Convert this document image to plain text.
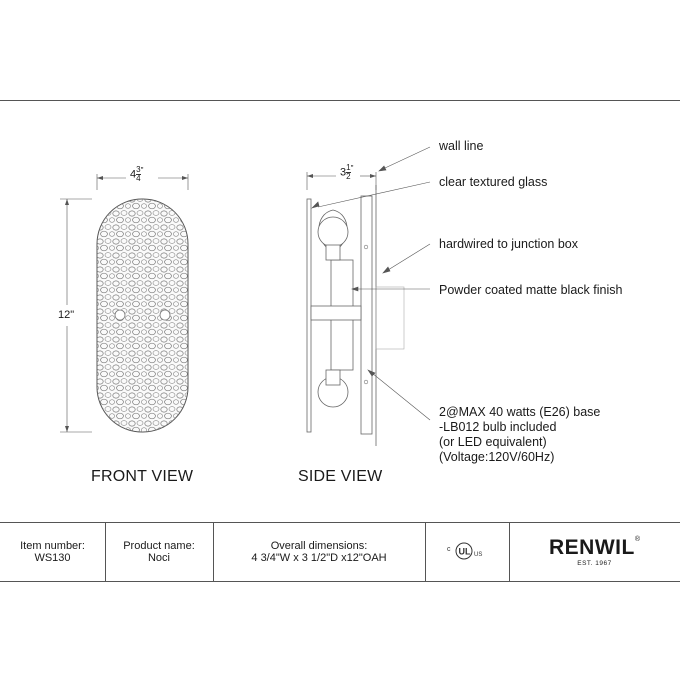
$4 \frac{3}{4} ^"$
12"
$3 \frac{1}{2} ^"$
FRONT VIEW	SIDE VIEW
wall line
clear textured glass
hardwired to junction box
Powder coated matte black finish
2@MAX 40 watts (E26) base
-LB012 bulb included
(or LED equivalent)
(Voltage:120V/60Hz)
Item number:
WS130
Product name:
Noci
Overall dimensions:
4 3/4"W x 3 1/2"D x12"OAH
c UL US	RENWIL®
EST. 1967
